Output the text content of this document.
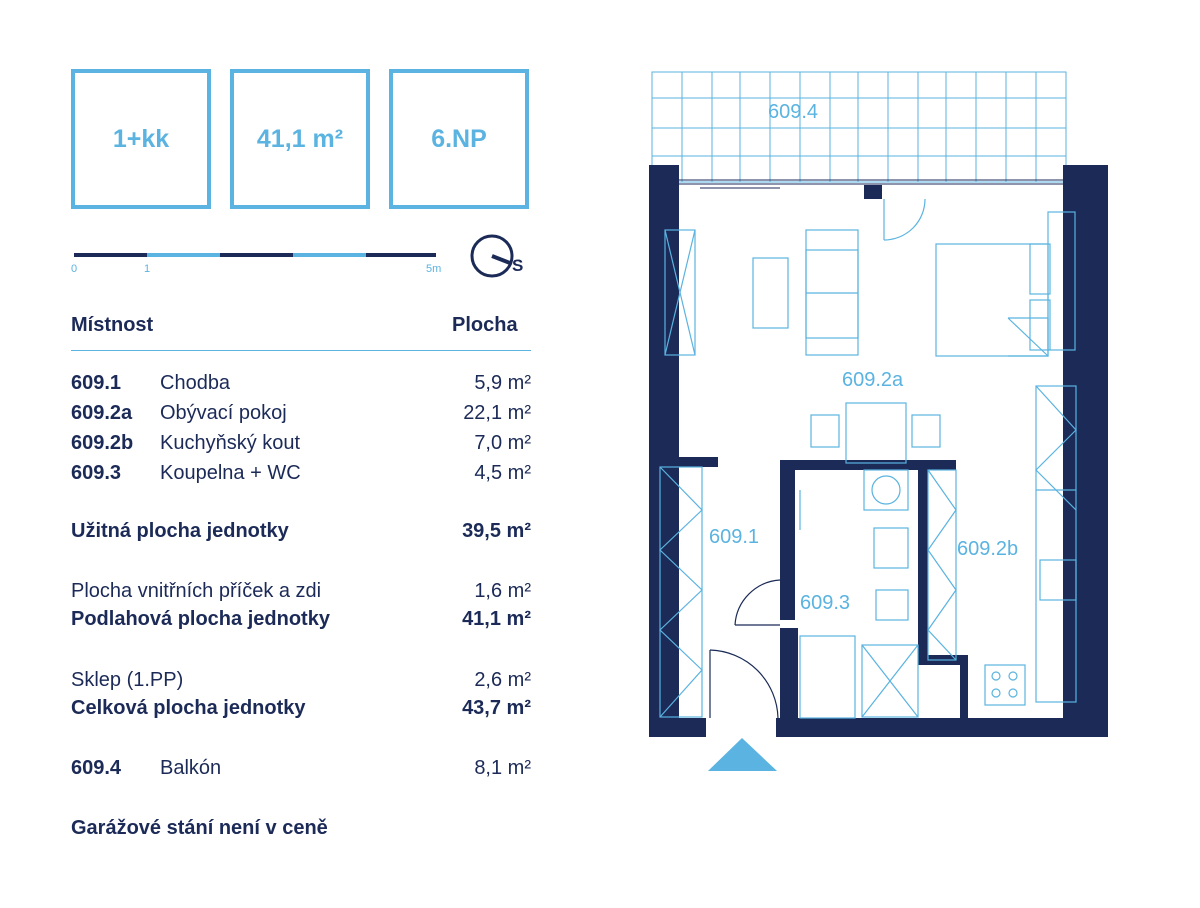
1+kk	41,1 m²	6.NP
0	1	5m	S
Místnost	Plocha
609.1 Chodba	5,9 m²
609.2a Obývací pokoj	22,1 m²
609.2b Kuchyňský kout	7,0 m²
609.3 Koupelna + WC	4,5 m²
Užitná plocha jednotky	39,5 m²
Plocha vnitřních příček a zdi	1,6 m²
Podlahová plocha jednotky	41,1 m²
Sklep (1.PP)	2,6 m²
Celková plocha jednotky	43,7 m²
609.4 Balkón	8,1 m²
Garážové stání není v ceně
609.4
609.2a
609.1
609.2b
609.3
